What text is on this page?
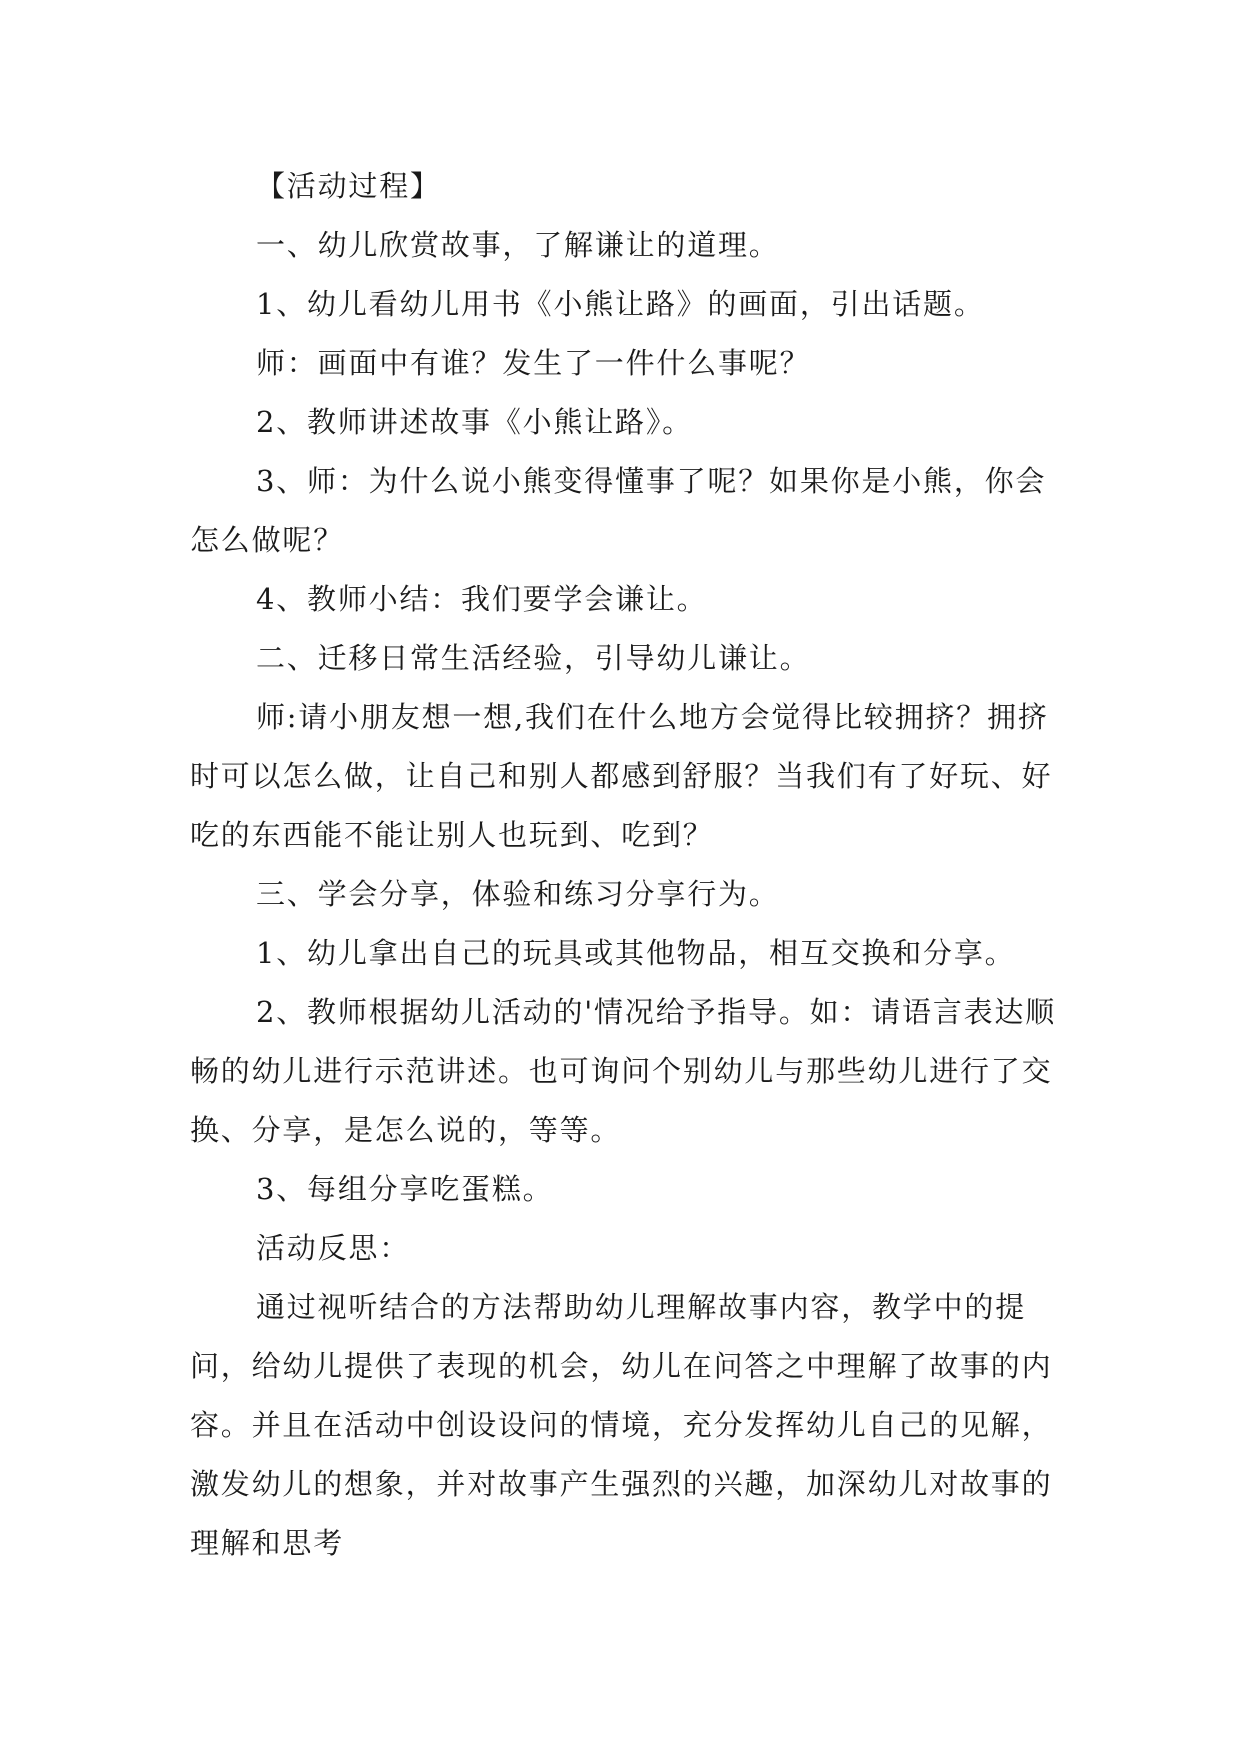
【活动过程】

一、幼儿欣赏故事，了解谦让的道理。

1、幼儿看幼儿用书《小熊让路》的画面，引出话题。

师：画面中有谁？发生了一件什么事呢？

2、教师讲述故事《小熊让路》。

3、师：为什么说小熊变得懂事了呢？如果你是小熊，你会怎么做呢？

4、教师小结：我们要学会谦让。

二、迁移日常生活经验，引导幼儿谦让。

师:请小朋友想一想,我们在什么地方会觉得比较拥挤？拥挤时可以怎么做，让自己和别人都感到舒服？当我们有了好玩、好吃的东西能不能让别人也玩到、吃到？

三、学会分享，体验和练习分享行为。

1、幼儿拿出自己的玩具或其他物品，相互交换和分享。

2、教师根据幼儿活动的'情况给予指导。如：请语言表达顺畅的幼儿进行示范讲述。也可询问个别幼儿与那些幼儿进行了交换、分享，是怎么说的，等等。

3、每组分享吃蛋糕。

活动反思：

通过视听结合的方法帮助幼儿理解故事内容，教学中的提问，给幼儿提供了表现的机会，幼儿在问答之中理解了故事的内容。并且在活动中创设设问的情境，充分发挥幼儿自己的见解，激发幼儿的想象，并对故事产生强烈的兴趣，加深幼儿对故事的理解和思考
